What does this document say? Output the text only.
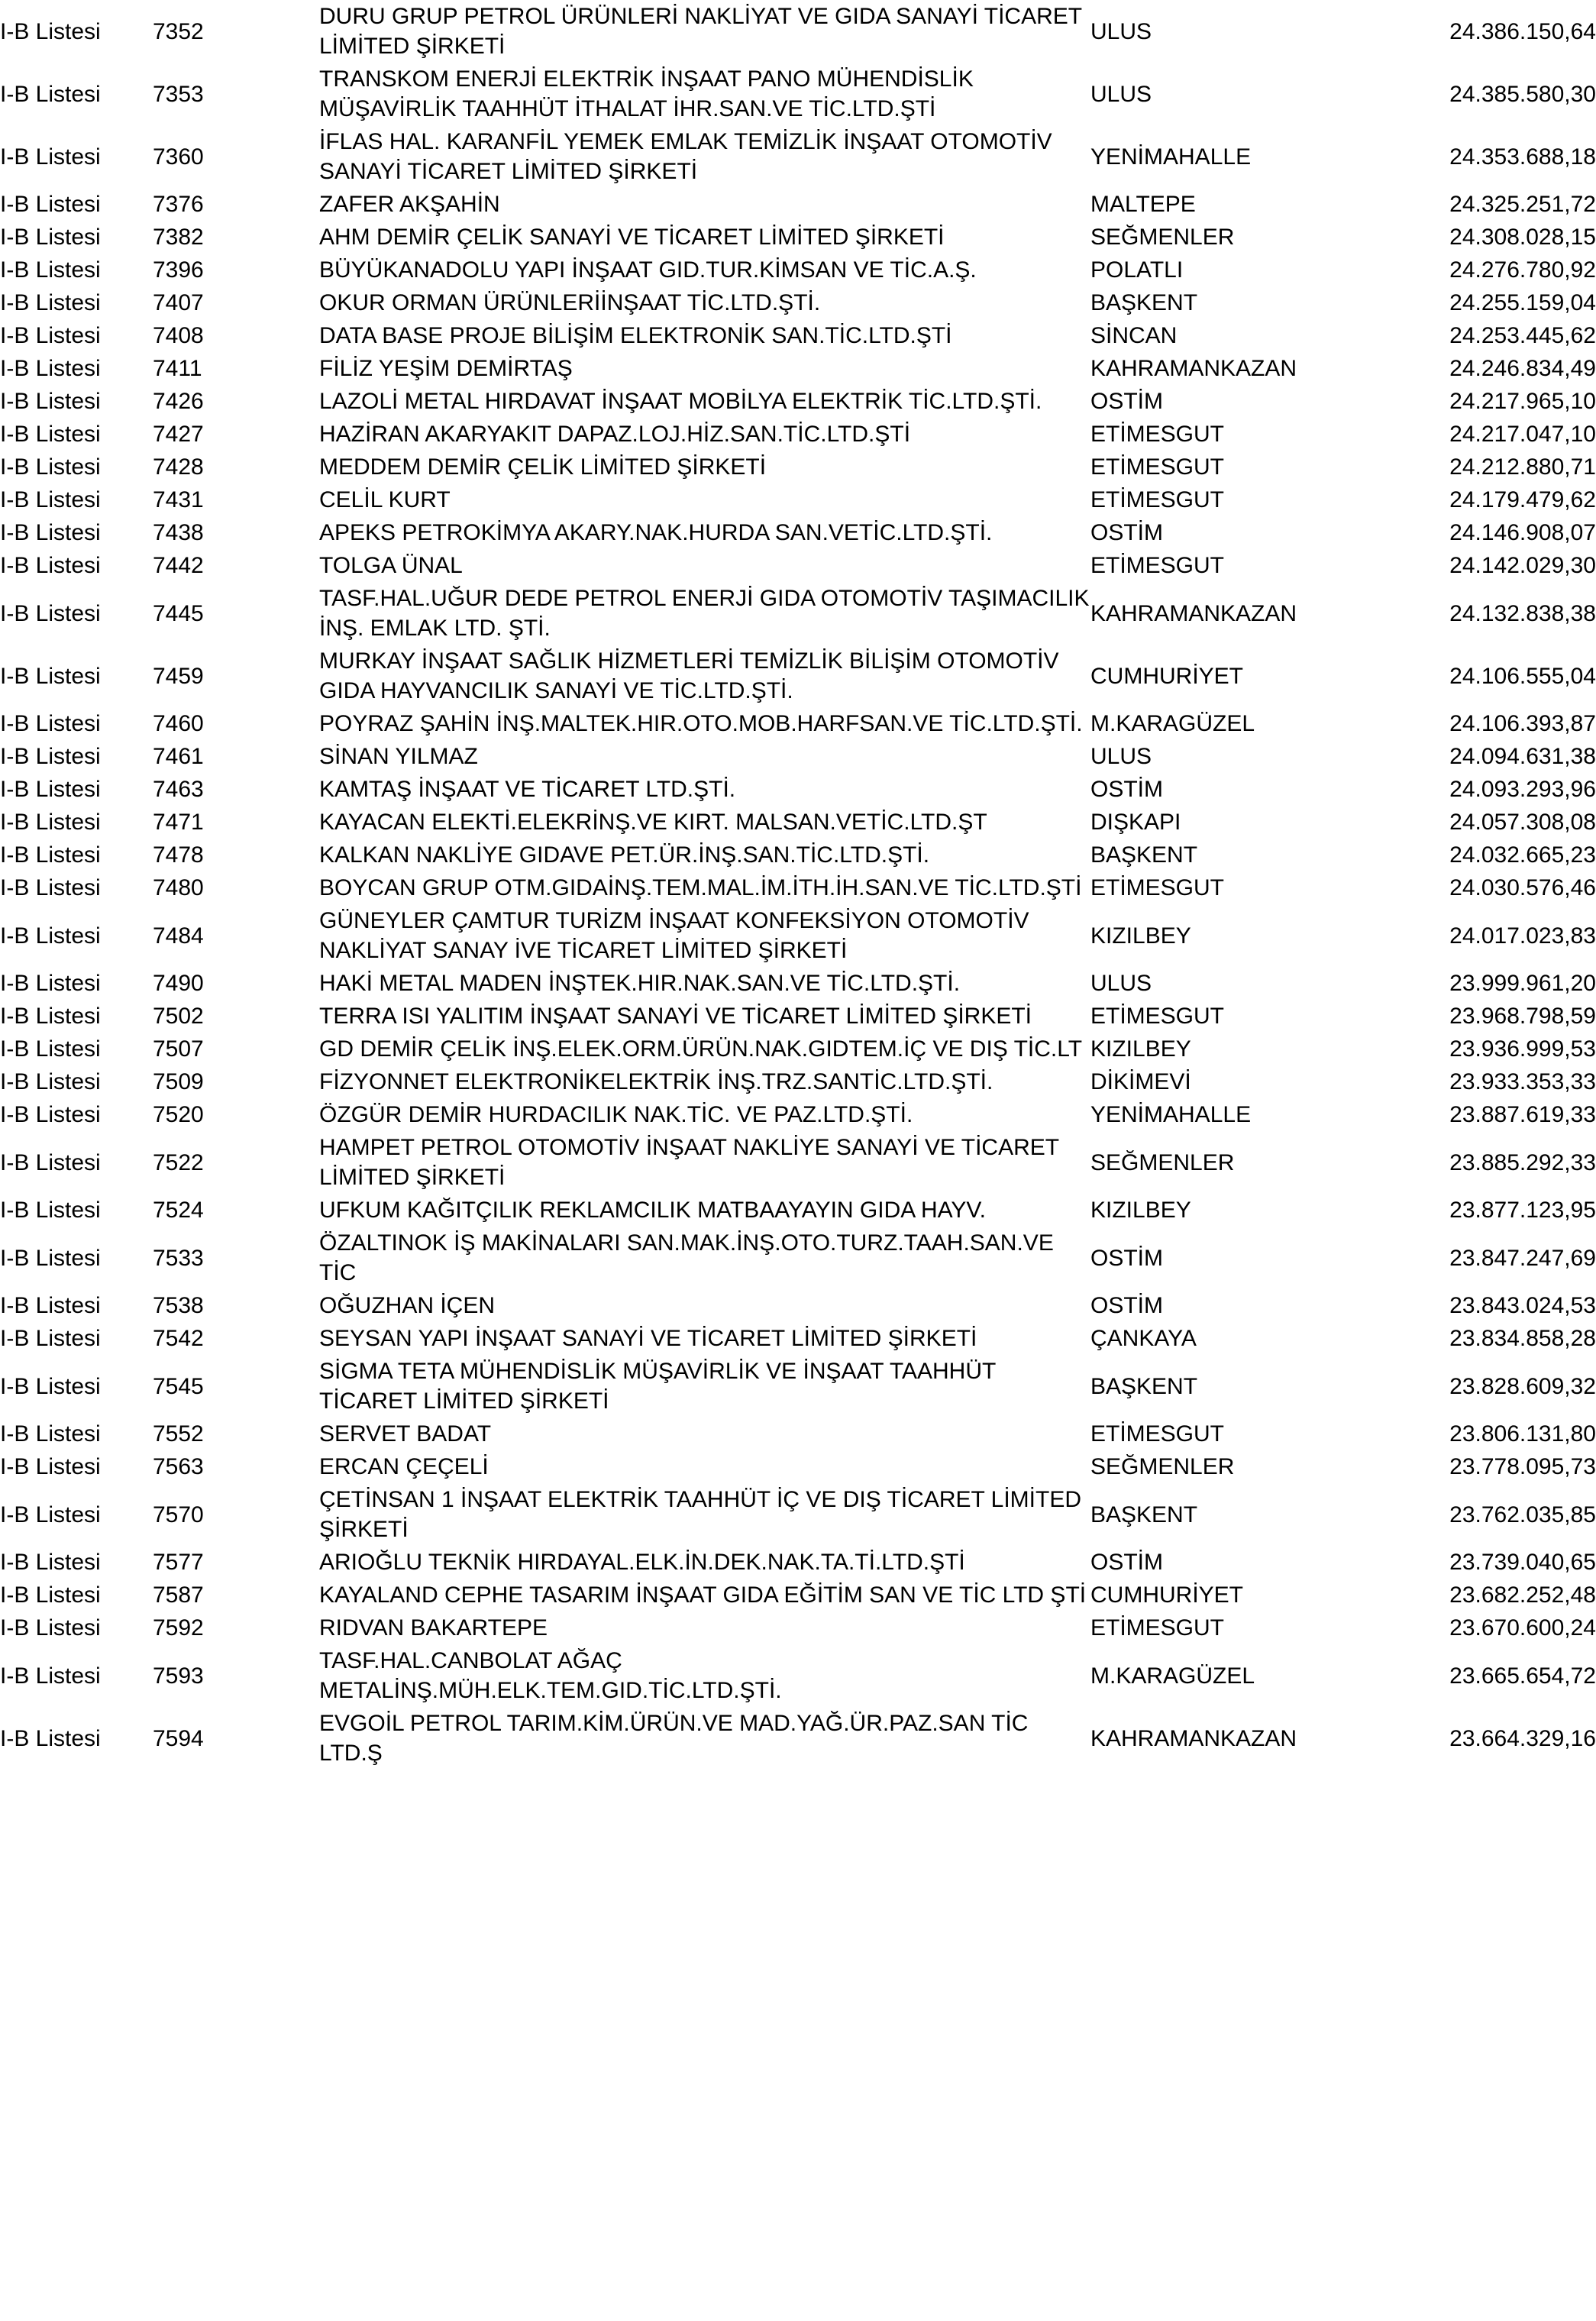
I-B Listesi	7352	DURU GRUP PETROL ÜRÜNLERİ NAKLİYAT VE GIDA SANAYİ TİCARET LİMİTED ŞİRKETİ	ULUS	24.386.150,64
I-B Listesi	7353	TRANSKOM ENERJİ ELEKTRİK İNŞAAT PANO MÜHENDİSLİK MÜŞAVİRLİK TAAHHÜT İTHALAT İHR.SAN.VE TİC.LTD.ŞTİ	ULUS	24.385.580,30
I-B Listesi	7360	İFLAS HAL. KARANFİL YEMEK EMLAK TEMİZLİK İNŞAAT OTOMOTİV SANAYİ TİCARET LİMİTED ŞİRKETİ	YENİMAHALLE	24.353.688,18
I-B Listesi	7376	ZAFER AKŞAHİN	MALTEPE	24.325.251,72
I-B Listesi	7382	AHM DEMİR ÇELİK SANAYİ VE TİCARET LİMİTED ŞİRKETİ	SEĞMENLER	24.308.028,15
I-B Listesi	7396	BÜYÜKANADOLU YAPI İNŞAAT GID.TUR.KİMSAN VE TİC.A.Ş.	POLATLI	24.276.780,92
I-B Listesi	7407	OKUR ORMAN ÜRÜNLERİİNŞAAT TİC.LTD.ŞTİ.	BAŞKENT	24.255.159,04
I-B Listesi	7408	DATA BASE PROJE BİLİŞİM ELEKTRONİK SAN.TİC.LTD.ŞTİ	SİNCAN	24.253.445,62
I-B Listesi	7411	FİLİZ YEŞİM DEMİRTAŞ	KAHRAMANKAZAN	24.246.834,49
I-B Listesi	7426	LAZOLİ METAL HIRDAVAT İNŞAAT MOBİLYA ELEKTRİK TİC.LTD.ŞTİ.	OSTİM	24.217.965,10
I-B Listesi	7427	HAZİRAN AKARYAKIT DAPAZ.LOJ.HİZ.SAN.TİC.LTD.ŞTİ	ETİMESGUT	24.217.047,10
I-B Listesi	7428	MEDDEM DEMİR ÇELİK LİMİTED ŞİRKETİ	ETİMESGUT	24.212.880,71
I-B Listesi	7431	CELİL KURT	ETİMESGUT	24.179.479,62
I-B Listesi	7438	APEKS PETROKİMYA AKARY.NAK.HURDA SAN.VETİC.LTD.ŞTİ.	OSTİM	24.146.908,07
I-B Listesi	7442	TOLGA ÜNAL	ETİMESGUT	24.142.029,30
I-B Listesi	7445	TASF.HAL.UĞUR DEDE PETROL ENERJİ GIDA OTOMOTİV TAŞIMACILIK İNŞ. EMLAK LTD. ŞTİ.	KAHRAMANKAZAN	24.132.838,38
I-B Listesi	7459	MURKAY İNŞAAT SAĞLIK HİZMETLERİ TEMİZLİK BİLİŞİM OTOMOTİV GIDA HAYVANCILIK SANAYİ VE TİC.LTD.ŞTİ.	CUMHURİYET	24.106.555,04
I-B Listesi	7460	POYRAZ ŞAHİN İNŞ.MALTEK.HIR.OTO.MOB.HARFSAN.VE TİC.LTD.ŞTİ.	M.KARAGÜZEL	24.106.393,87
I-B Listesi	7461	SİNAN YILMAZ	ULUS	24.094.631,38
I-B Listesi	7463	KAMTAŞ İNŞAAT VE TİCARET LTD.ŞTİ.	OSTİM	24.093.293,96
I-B Listesi	7471	KAYACAN ELEKTİ.ELEKRİNŞ.VE KIRT. MALSAN.VETİC.LTD.ŞT	DIŞKAPI	24.057.308,08
I-B Listesi	7478	KALKAN NAKLİYE GIDAVE PET.ÜR.İNŞ.SAN.TİC.LTD.ŞTİ.	BAŞKENT	24.032.665,23
I-B Listesi	7480	BOYCAN GRUP OTM.GIDAİNŞ.TEM.MAL.İM.İTH.İH.SAN.VE TİC.LTD.ŞTİ	ETİMESGUT	24.030.576,46
I-B Listesi	7484	GÜNEYLER ÇAMTUR TURİZM İNŞAAT KONFEKSİYON OTOMOTİV NAKLİYAT SANAY İVE TİCARET LİMİTED ŞİRKETİ	KIZILBEY	24.017.023,83
I-B Listesi	7490	HAKİ METAL MADEN İNŞTEK.HIR.NAK.SAN.VE TİC.LTD.ŞTİ.	ULUS	23.999.961,20
I-B Listesi	7502	TERRA ISI YALITIM İNŞAAT SANAYİ VE TİCARET LİMİTED ŞİRKETİ	ETİMESGUT	23.968.798,59
I-B Listesi	7507	GD DEMİR ÇELİK İNŞ.ELEK.ORM.ÜRÜN.NAK.GIDTEM.İÇ VE DIŞ TİC.LT	KIZILBEY	23.936.999,53
I-B Listesi	7509	FİZYONNET ELEKTRONİKELEKTRİK İNŞ.TRZ.SANTİC.LTD.ŞTİ.	DİKİMEVİ	23.933.353,33
I-B Listesi	7520	ÖZGÜR DEMİR HURDACILIK NAK.TİC. VE PAZ.LTD.ŞTİ.	YENİMAHALLE	23.887.619,33
I-B Listesi	7522	HAMPET PETROL OTOMOTİV İNŞAAT NAKLİYE SANAYİ VE TİCARET LİMİTED ŞİRKETİ	SEĞMENLER	23.885.292,33
I-B Listesi	7524	UFKUM KAĞITÇILIK REKLAMCILIK MATBAAYAYIN GIDA HAYV.	KIZILBEY	23.877.123,95
I-B Listesi	7533	ÖZALTINOK İŞ MAKİNALARI SAN.MAK.İNŞ.OTO.TURZ.TAAH.SAN.VE TİC	OSTİM	23.847.247,69
I-B Listesi	7538	OĞUZHAN İÇEN	OSTİM	23.843.024,53
I-B Listesi	7542	SEYSAN YAPI İNŞAAT SANAYİ VE TİCARET LİMİTED ŞİRKETİ	ÇANKAYA	23.834.858,28
I-B Listesi	7545	SİGMA TETA MÜHENDİSLİK MÜŞAVİRLİK VE İNŞAAT TAAHHÜT TİCARET LİMİTED ŞİRKETİ	BAŞKENT	23.828.609,32
I-B Listesi	7552	SERVET BADAT	ETİMESGUT	23.806.131,80
I-B Listesi	7563	ERCAN ÇEÇELİ	SEĞMENLER	23.778.095,73
I-B Listesi	7570	ÇETİNSAN 1 İNŞAAT ELEKTRİK TAAHHÜT İÇ VE DIŞ TİCARET LİMİTED ŞİRKETİ	BAŞKENT	23.762.035,85
I-B Listesi	7577	ARIOĞLU TEKNİK HIRDAYAL.ELK.İN.DEK.NAK.TA.Tİ.LTD.ŞTİ	OSTİM	23.739.040,65
I-B Listesi	7587	KAYALAND CEPHE TASARIM İNŞAAT GIDA EĞİTİM SAN VE TİC LTD ŞTİ	CUMHURİYET	23.682.252,48
I-B Listesi	7592	RIDVAN BAKARTEPE	ETİMESGUT	23.670.600,24
I-B Listesi	7593	TASF.HAL.CANBOLAT AĞAÇ METALİNŞ.MÜH.ELK.TEM.GID.TİC.LTD.ŞTİ.	M.KARAGÜZEL	23.665.654,72
I-B Listesi	7594	EVGOİL PETROL TARIM.KİM.ÜRÜN.VE MAD.YAĞ.ÜR.PAZ.SAN TİC LTD.Ş	KAHRAMANKAZAN	23.664.329,16
